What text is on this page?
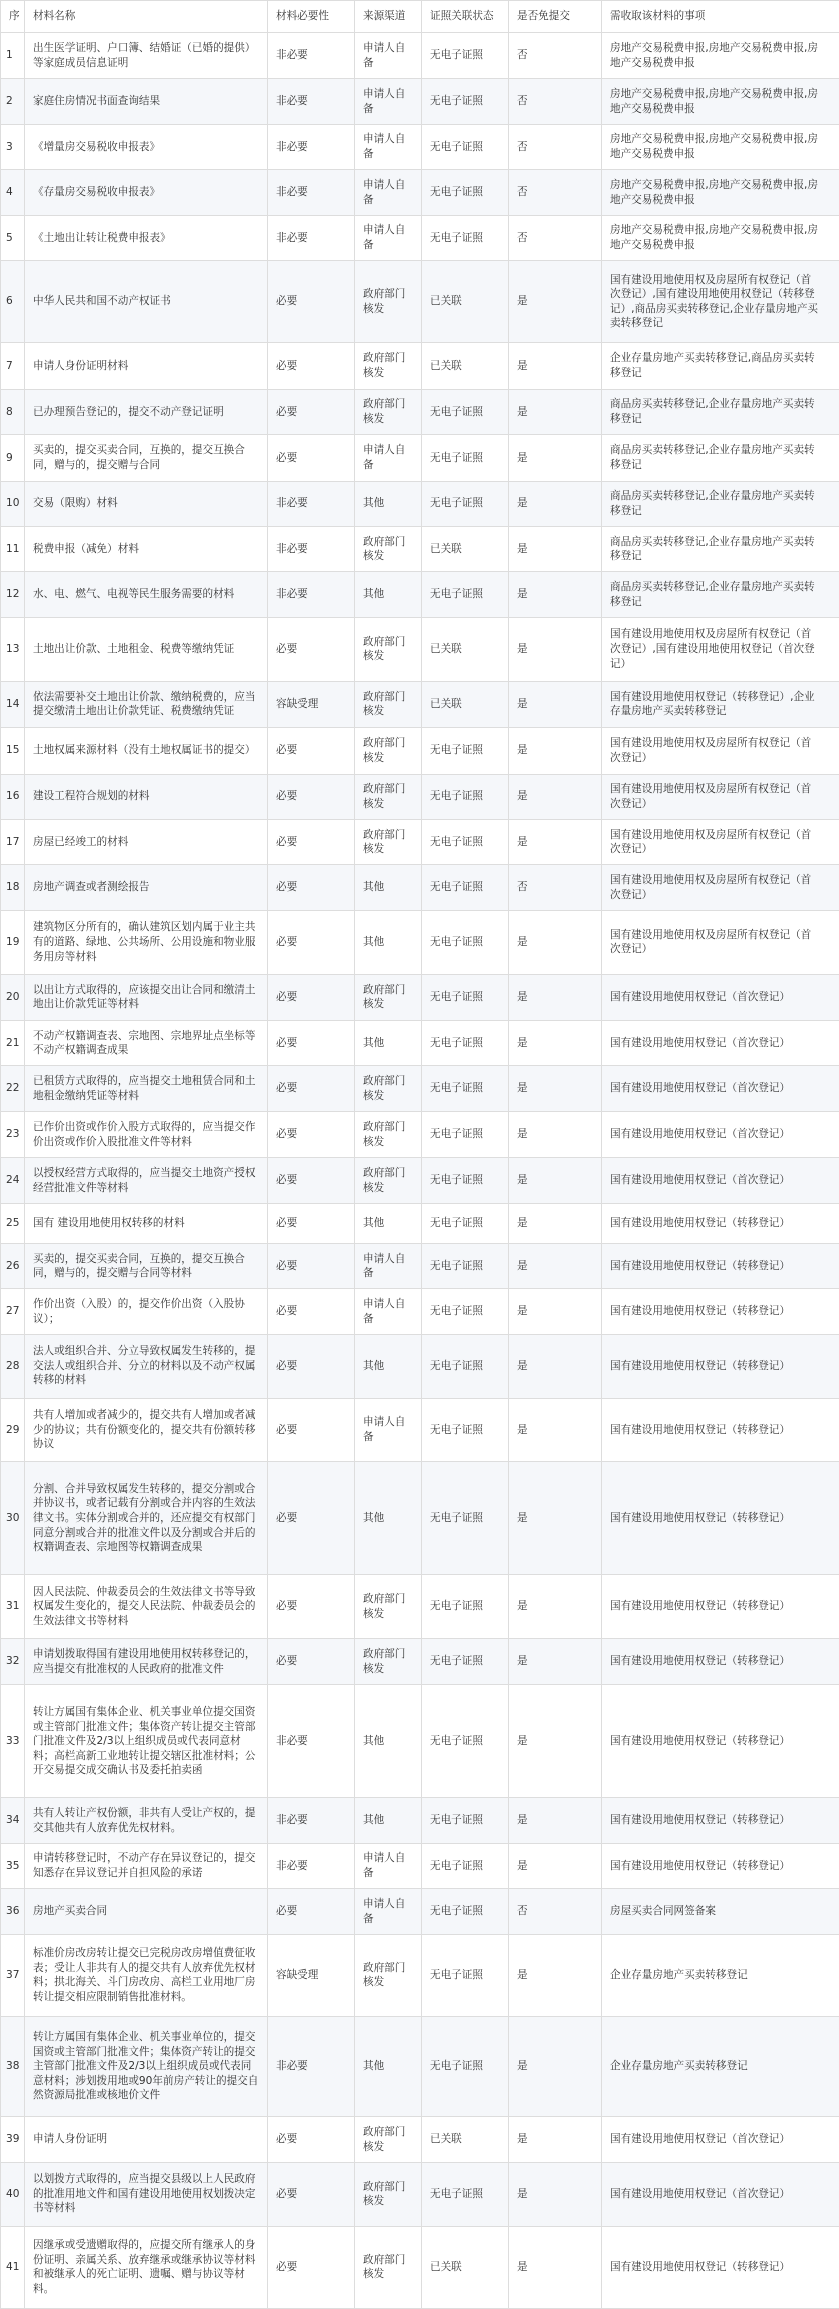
序	材料名称	材料必要性	来源渠道	证照关联状态	是否免提交	需收取该材料的事项
1	出生医学证明、户口簿、结婚证（已婚的提供）等家庭成员信息证明	非必要	申请人自备	无电子证照	否	房地产交易税费申报,房地产交易税费申报,房地产交易税费申报
2	家庭住房情况书面查询结果	非必要	申请人自备	无电子证照	否	房地产交易税费申报,房地产交易税费申报,房地产交易税费申报
3	《增量房交易税收申报表》	非必要	申请人自备	无电子证照	否	房地产交易税费申报,房地产交易税费申报,房地产交易税费申报
4	《存量房交易税收申报表》	非必要	申请人自备	无电子证照	否	房地产交易税费申报,房地产交易税费申报,房地产交易税费申报
5	《土地出让转让税费申报表》	非必要	申请人自备	无电子证照	否	房地产交易税费申报,房地产交易税费申报,房地产交易税费申报
6	中华人民共和国不动产权证书	必要	政府部门核发	已关联	是	国有建设用地使用权及房屋所有权登记（首次登记）,国有建设用地使用权登记（转移登记）,商品房买卖转移登记,企业存量房地产买卖转移登记
7	申请人身份证明材料	必要	政府部门核发	已关联	是	企业存量房地产买卖转移登记,商品房买卖转移登记
8	已办理预告登记的，提交不动产登记证明	必要	政府部门核发	无电子证照	是	商品房买卖转移登记,企业存量房地产买卖转移登记
9	买卖的，提交买卖合同，互换的，提交互换合同，赠与的，提交赠与合同	必要	申请人自备	无电子证照	是	商品房买卖转移登记,企业存量房地产买卖转移登记
10	交易（限购）材料	非必要	其他	无电子证照	是	商品房买卖转移登记,企业存量房地产买卖转移登记
11	税费申报（减免）材料	非必要	政府部门核发	已关联	是	商品房买卖转移登记,企业存量房地产买卖转移登记
12	水、电、燃气、电视等民生服务需要的材料	非必要	其他	无电子证照	是	商品房买卖转移登记,企业存量房地产买卖转移登记
13	土地出让价款、土地租金、税费等缴纳凭证	必要	政府部门核发	已关联	是	国有建设用地使用权及房屋所有权登记（首次登记）,国有建设用地使用权登记（首次登记）
14	依法需要补交土地出让价款、缴纳税费的，应当提交缴清土地出让价款凭证、税费缴纳凭证	容缺受理	政府部门核发	已关联	是	国有建设用地使用权登记（转移登记）,企业存量房地产买卖转移登记
15	土地权属来源材料（没有土地权属证书的提交）	必要	政府部门核发	无电子证照	是	国有建设用地使用权及房屋所有权登记（首次登记）
16	建设工程符合规划的材料	必要	政府部门核发	无电子证照	是	国有建设用地使用权及房屋所有权登记（首次登记）
17	房屋已经竣工的材料	必要	政府部门核发	无电子证照	是	国有建设用地使用权及房屋所有权登记（首次登记）
18	房地产调查或者测绘报告	必要	其他	无电子证照	否	国有建设用地使用权及房屋所有权登记（首次登记）
19	建筑物区分所有的，确认建筑区划内属于业主共有的道路、绿地、公共场所、公用设施和物业服务用房等材料	必要	其他	无电子证照	是	国有建设用地使用权及房屋所有权登记（首次登记）
20	以出让方式取得的，应该提交出让合同和缴清土地出让价款凭证等材料	必要	政府部门核发	无电子证照	是	国有建设用地使用权登记（首次登记）
21	不动产权籍调查表、宗地图、宗地界址点坐标等不动产权籍调查成果	必要	其他	无电子证照	是	国有建设用地使用权登记（首次登记）
22	已租赁方式取得的，应当提交土地租赁合同和土地租金缴纳凭证等材料	必要	政府部门核发	无电子证照	是	国有建设用地使用权登记（首次登记）
23	已作价出资或作价入股方式取得的，应当提交作价出资或作价入股批准文件等材料	必要	政府部门核发	无电子证照	是	国有建设用地使用权登记（首次登记）
24	以授权经营方式取得的，应当提交土地资产授权经营批准文件等材料	必要	政府部门核发	无电子证照	是	国有建设用地使用权登记（首次登记）
25	国有 建设用地使用权转移的材料	必要	其他	无电子证照	是	国有建设用地使用权登记（转移登记）
26	买卖的，提交买卖合同，互换的，提交互换合同，赠与的，提交赠与合同等材料	必要	申请人自备	无电子证照	是	国有建设用地使用权登记（转移登记）
27	作价出资（入股）的，提交作价出资（入股协议）；	必要	申请人自备	无电子证照	是	国有建设用地使用权登记（转移登记）
28	法人或组织合并、分立导致权属发生转移的，提交法人或组织合并、分立的材料以及不动产权属转移的材料	必要	其他	无电子证照	是	国有建设用地使用权登记（转移登记）
29	共有人增加或者减少的，提交共有人增加或者减少的协议；共有份额变化的，提交共有份额转移协议	必要	申请人自备	无电子证照	是	国有建设用地使用权登记（转移登记）
30	分割、合并导致权属发生转移的，提交分割或合并协议书，或者记载有分割或合并内容的生效法律文书。实体分割或合并的，还应提交有权部门同意分割或合并的批准文件以及分割或合并后的权籍调查表、宗地图等权籍调查成果	必要	其他	无电子证照	是	国有建设用地使用权登记（转移登记）
31	因人民法院、仲裁委员会的生效法律文书等导致权属发生变化的，提交人民法院、仲裁委员会的生效法律文书等材料	必要	政府部门核发	无电子证照	是	国有建设用地使用权登记（转移登记）
32	申请划拨取得国有建设用地使用权转移登记的，应当提交有批准权的人民政府的批准文件	必要	政府部门核发	无电子证照	是	国有建设用地使用权登记（转移登记）
33	转让方属国有集体企业、机关事业单位提交国资或主管部门批准文件；集体资产转让提交主管部门批准文件及2/3以上组织成员或代表同意材料；高栏高新工业地转让提交辖区批准材料；公开交易提交成交确认书及委托拍卖函	非必要	其他	无电子证照	是	国有建设用地使用权登记（转移登记）
34	共有人转让产权份额，非共有人受让产权的，提交其他共有人放弃优先权材料。	非必要	其他	无电子证照	是	国有建设用地使用权登记（转移登记）
35	申请转移登记时，不动产存在异议登记的，提交知悉存在异议登记并自担风险的承诺	非必要	申请人自备	无电子证照	是	国有建设用地使用权登记（转移登记）
36	房地产买卖合同	必要	申请人自备	无电子证照	否	房屋买卖合同网签备案
37	标准价房改房转让提交已完税房改房增值费征收表；受让人非共有人的提交共有人放弃优先权材料；拱北海关、斗门房改房、高栏工业用地厂房转让提交相应限制销售批准材料。	容缺受理	政府部门核发	无电子证照	是	企业存量房地产买卖转移登记
38	转让方属国有集体企业、机关事业单位的，提交国资或主管部门批准文件；集体资产转让的提交主管部门批准文件及2/3以上组织成员或代表同意材料；涉划拨用地或90年前房产转让的提交自然资源局批准或核地价文件	非必要	其他	无电子证照	是	企业存量房地产买卖转移登记
39	申请人身份证明	必要	政府部门核发	已关联	是	国有建设用地使用权登记（首次登记）
40	以划拨方式取得的，应当提交县级以上人民政府的批准用地文件和国有建设用地使用权划拨决定书等材料	必要	政府部门核发	无电子证照	是	国有建设用地使用权登记（首次登记）
41	因继承或受遗赠取得的，应提交所有继承人的身份证明、亲属关系、放弃继承或继承协议等材料和被继承人的死亡证明、遗嘱、赠与协议等材料。	必要	政府部门核发	已关联	是	国有建设用地使用权登记（转移登记）
